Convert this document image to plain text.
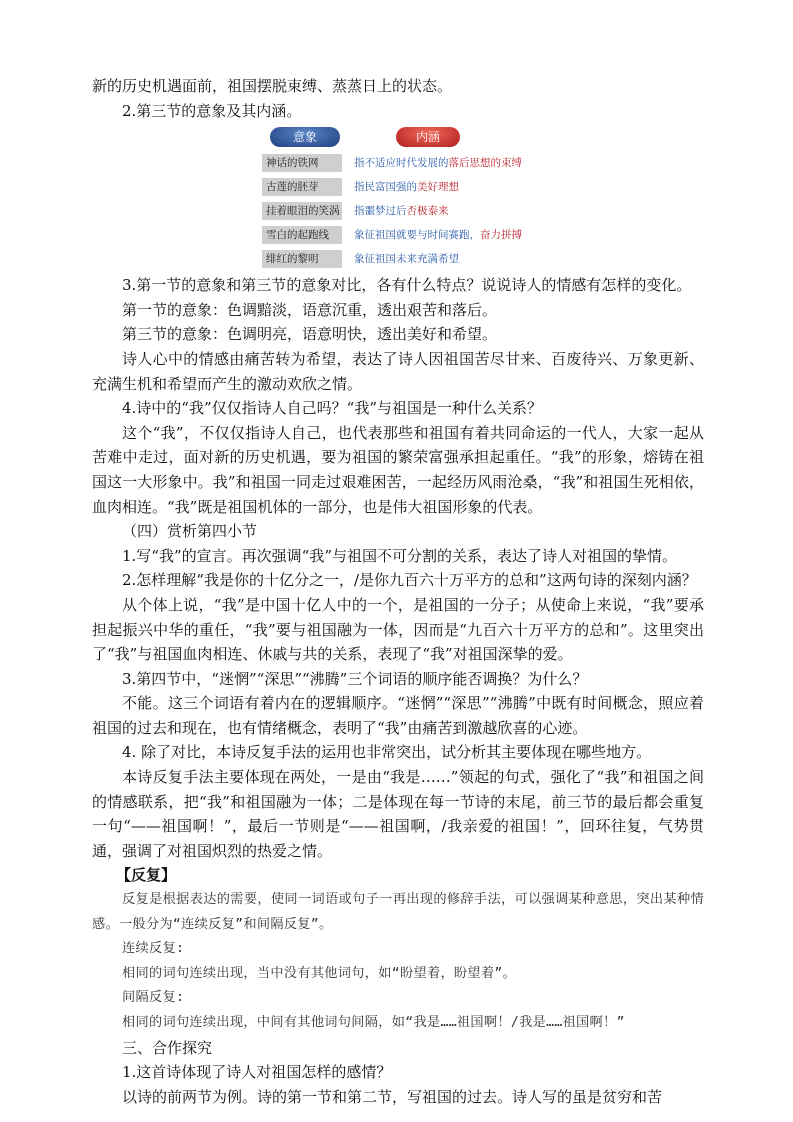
新的历史机遇面前，祖国摆脱束缚、蒸蒸日上的状态。

2.第三节的意象及其内涵。

意象	内涵
神话的铁网	指不适应时代发展的落后思想的束缚
古莲的胚芽	指民富国强的美好理想
挂着眼泪的笑涡 指噩梦过后否极泰来
雪白的起跑线	象征祖国就要与时间赛跑，奋力拼搏
绯红的黎明	象征祖国未来充满希望

3.第一节的意象和第三节的意象对比，各有什么特点？说说诗人的情感有怎样的变化。

第一节的意象：色调黯淡，语意沉重，透出艰苦和落后。

第三节的意象：色调明亮，语意明快，透出美好和希望。

诗人心中的情感由痛苦转为希望，表达了诗人因祖国苦尽甘来、百废待兴、万象更新、充满生机和希望而产生的激动欢欣之情。

4.诗中的“我”仅仅指诗人自己吗？“我”与祖国是一种什么关系？

这个“我”，不仅仅指诗人自己，也代表那些和祖国有着共同命运的一代人，大家一起从苦难中走过，面对新的历史机遇，要为祖国的繁荣富强承担起重任。“我”的形象，熔铸在祖国这一大形象中。我”和祖国一同走过艰难困苦，一起经历风雨沧桑，“我”和祖国生死相依，血肉相连。“我”既是祖国机体的一部分，也是伟大祖国形象的代表。

（四）赏析第四小节

1.写“我”的宣言。再次强调“我”与祖国不可分割的关系，表达了诗人对祖国的挚情。

2.怎样理解“我是你的十亿分之一，/是你九百六十万平方的总和”这两句诗的深刻内涵？

从个体上说，“我”是中国十亿人中的一个，是祖国的一分子；从使命上来说，“我”要承担起振兴中华的重任，“我”要与祖国融为一体，因而是“九百六十万平方的总和”。这里突出了“我”与祖国血肉相连、休戚与共的关系，表现了“我”对祖国深挚的爱。

3.第四节中，“迷惘”“深思”“沸腾”三个词语的顺序能否调换？为什么？

不能。这三个词语有着内在的逻辑顺序。“迷惘”“深思”“沸腾”中既有时间概念，照应着祖国的过去和现在，也有情绪概念，表明了“我”由痛苦到激越欣喜的心迹。

4. 除了对比，本诗反复手法的运用也非常突出，试分析其主要体现在哪些地方。

本诗反复手法主要体现在两处，一是由“我是……”领起的句式，强化了“我”和祖国之间的情感联系，把“我”和祖国融为一体；二是体现在每一节诗的末尾，前三节的最后都会重复一句“——祖国啊！”，最后一节则是“——祖国啊，/我亲爱的祖国！”，回环往复，气势贯通，强调了对祖国炽烈的热爱之情。

【反复】

反复是根据表达的需要，使同一词语或句子一再出现的修辞手法，可以强调某种意思，突出某种情感。一般分为“连续反复”和间隔反复”。

连续反复:

相同的词句连续出现，当中没有其他词句，如“盼望着，盼望着”。

间隔反复:

相同的词句连续出现，中间有其他词句间隔，如“我是……祖国啊！/我是……祖国啊！”

三、合作探究

1.这首诗体现了诗人对祖国怎样的感情？

以诗的前两节为例。诗的第一节和第二节，写祖国的过去。诗人写的虽是贫穷和苦
